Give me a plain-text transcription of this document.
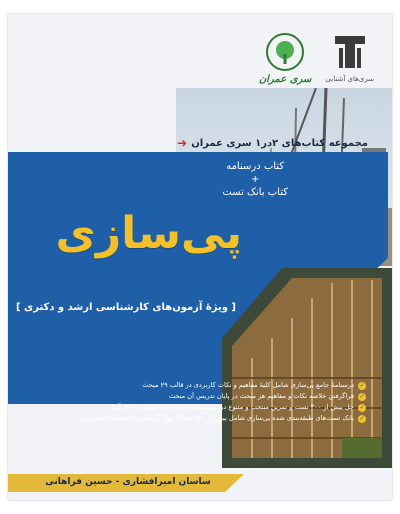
سری عمران سری‌های آشنایی
مجموعه کتاب‌های ۲در۱ سری عمران
➜
کتاب درسنامه
+
کتاب بانک تست
پی‌سازی
[ ویژهٔ آزمون‌های کارشناسی ارشد و دکتری ]
✓
درسنامهٔ جامع پی‌سازی شامل کلیهٔ مفاهیم و نکات کاربردی در قالب ۲۹ مبحث
✓
فراگرفتن خلاصه نکات و مفاهیم هر مبحث در پایان تدریس آن مبحث
✓
حل بیش از ۳۰۰ تست و تمرین منتخب و متنوع در درسنامه و ارائه نکات کلیدی در حل آنها
✓
بانک تست‌های طبقه‌بندی شده پی‌سازی شامل بیش از ۲۵۰ سؤال چهار گزینه‌ای با پاسخ‌نامهٔ تشریحی
ساسان امیرافشاری - حسین فراهانی
